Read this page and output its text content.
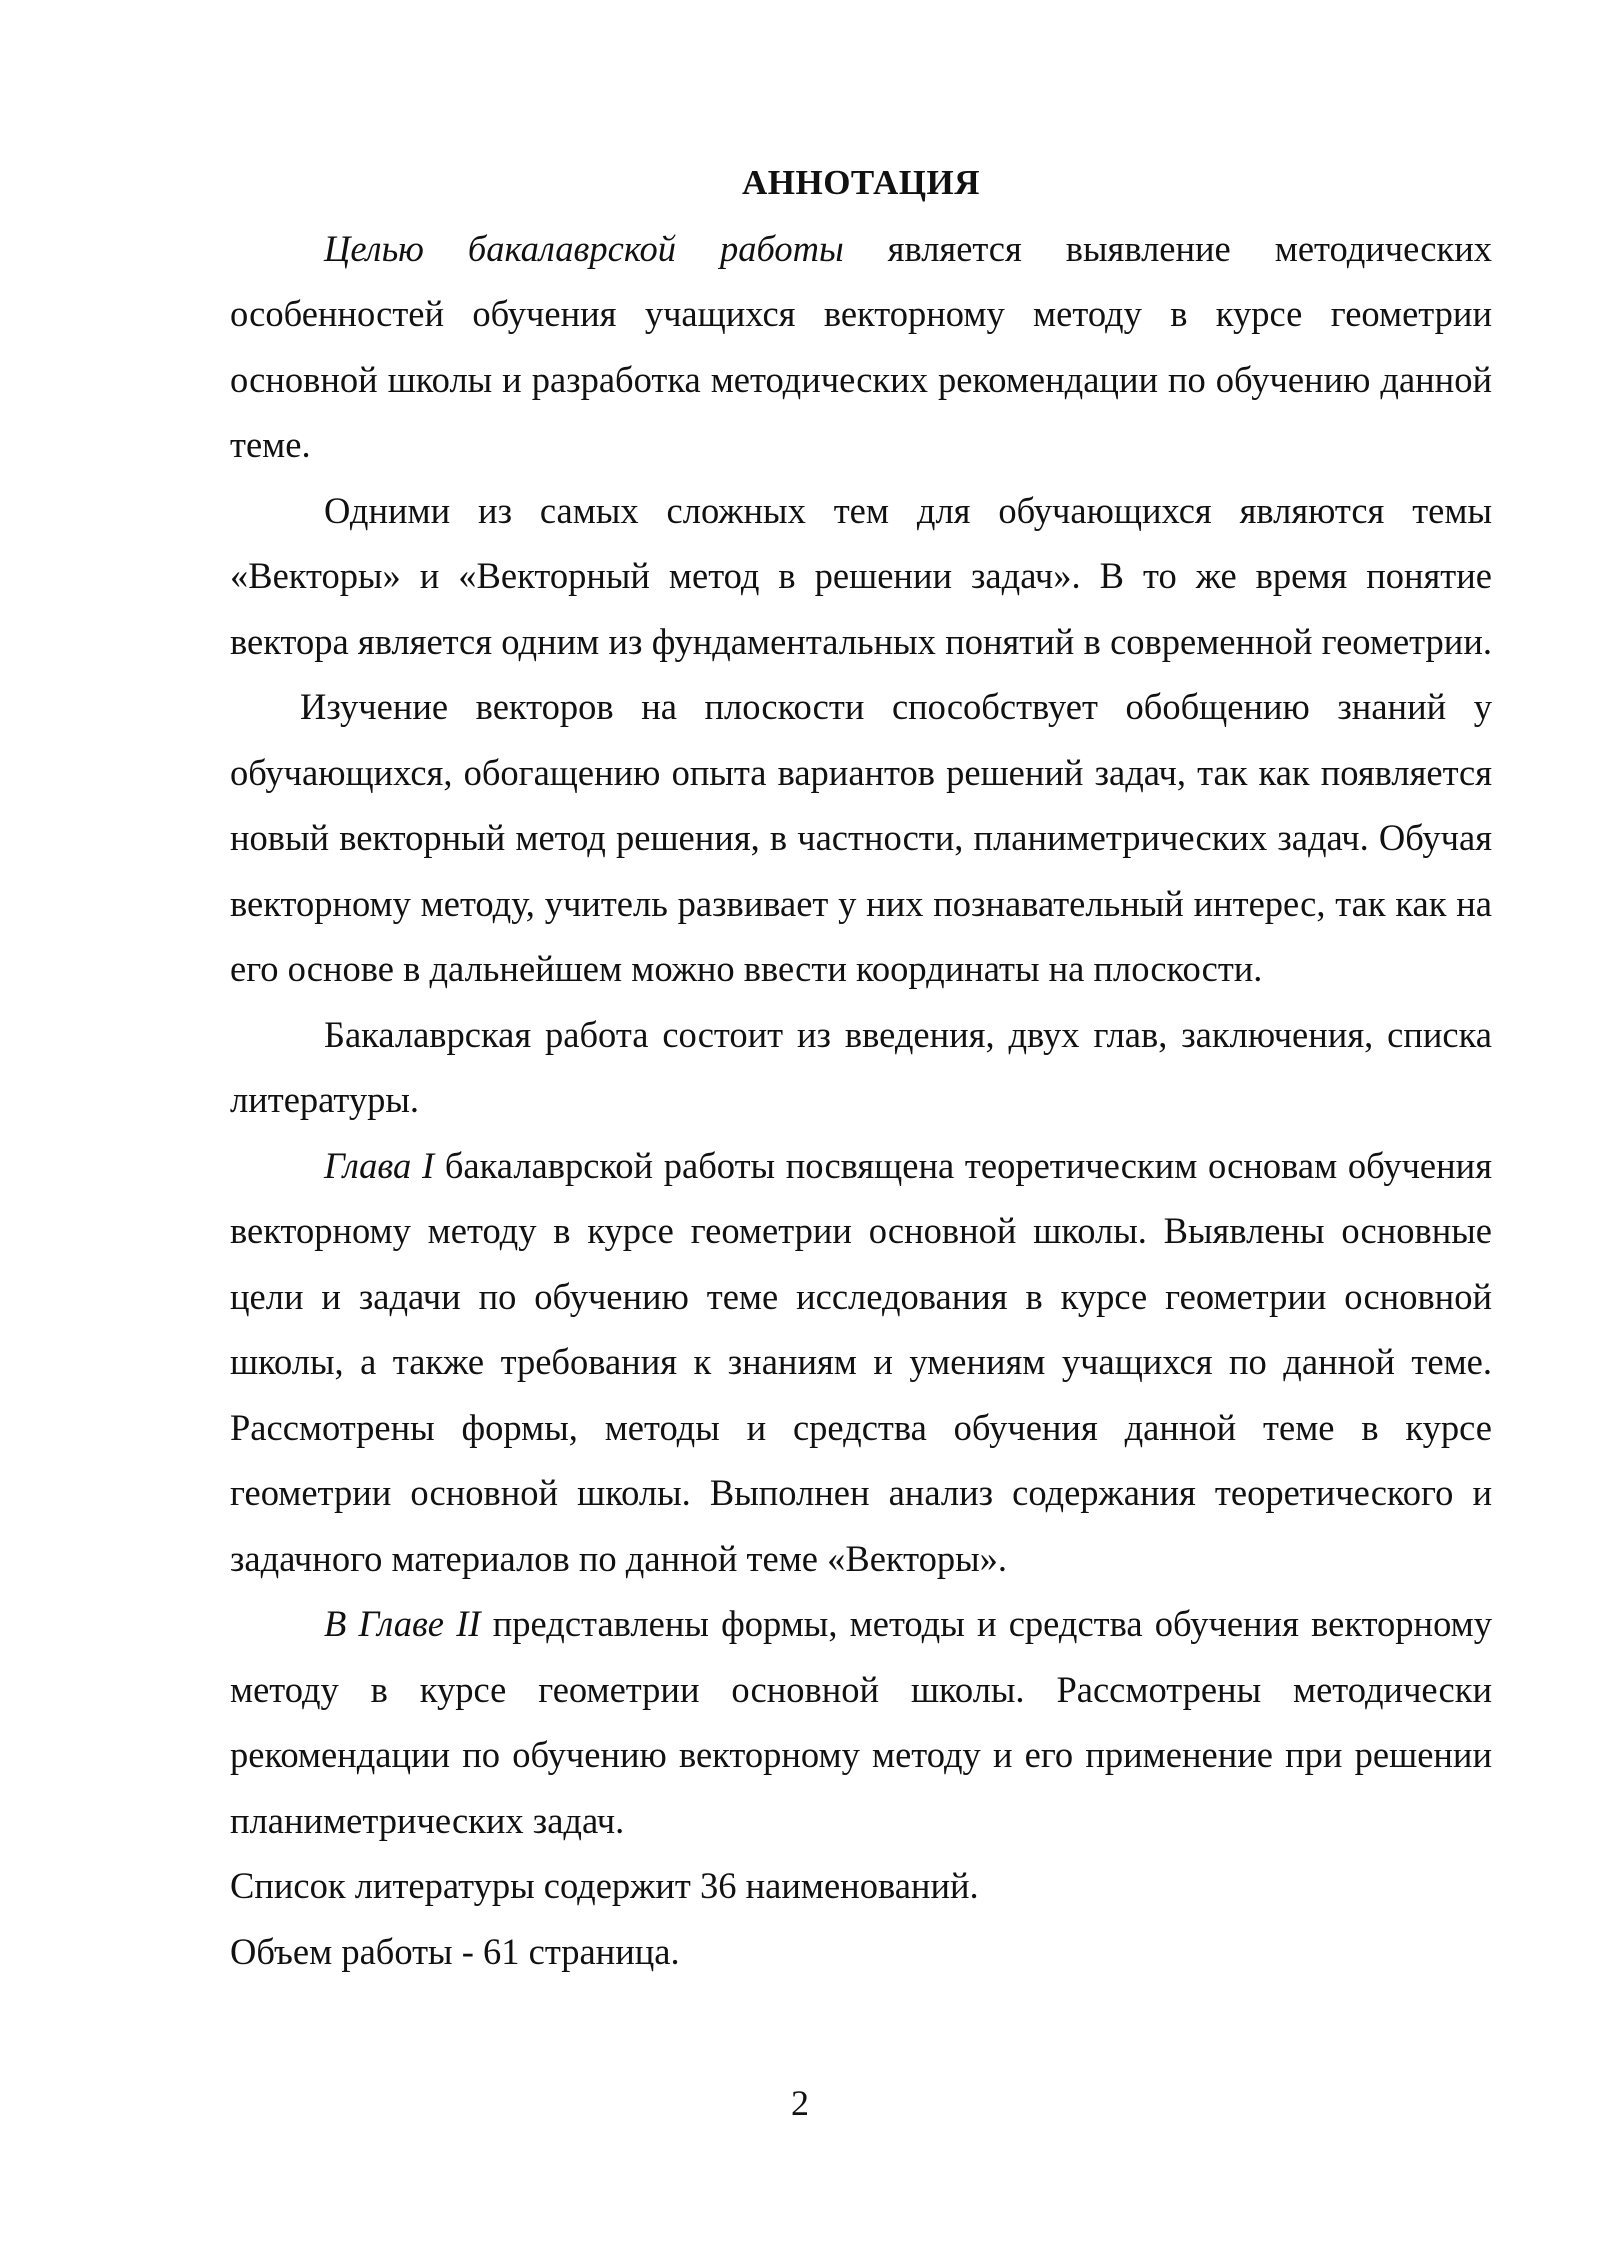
АННОТАЦИЯ

Целью бакалаврской работы является выявление методических особенностей обучения учащихся векторному методу в курсе геометрии основной школы и разработка методических рекомендации по обучению данной теме.

Одними из самых сложных тем для обучающихся являются темы «Векторы» и «Векторный метод в решении задач». В то же время понятие вектора является одним из фундаментальных понятий в современной геометрии.Изучение векторов на плоскости способствует обобщению знаний у обучающихся, обогащению опыта вариантов решений задач, так как появляется новый векторный метод решения, в частности, планиметрических задач. Обучая векторному методу, учитель развивает у них познавательный интерес, так как на его основе в дальнейшем можно ввести координаты на плоскости.

Бакалаврская работа состоит из введения, двух глав, заключения, списка литературы.

Глава I бакалаврской работы посвящена теоретическим основам обучения векторному методу в курсе геометрии основной школы. Выявлены основные цели и задачи по обучению теме исследования в курсе геометрии основной школы, а также требования к знаниям и умениям учащихся по данной теме. Рассмотрены формы, методы и средства обучения данной теме в курсе геометрии основной школы. Выполнен анализ содержания теоретического и задачного материалов по данной теме «Векторы».

В Главе II представлены формы, методы и средства обучения векторному методу в курсе геометрии основной школы. Рассмотрены методически рекомендации по обучению векторному методу и его применение при решении планиметрических задач.

Список литературы содержит 36 наименований.

Объем работы - 61 страница.

2
